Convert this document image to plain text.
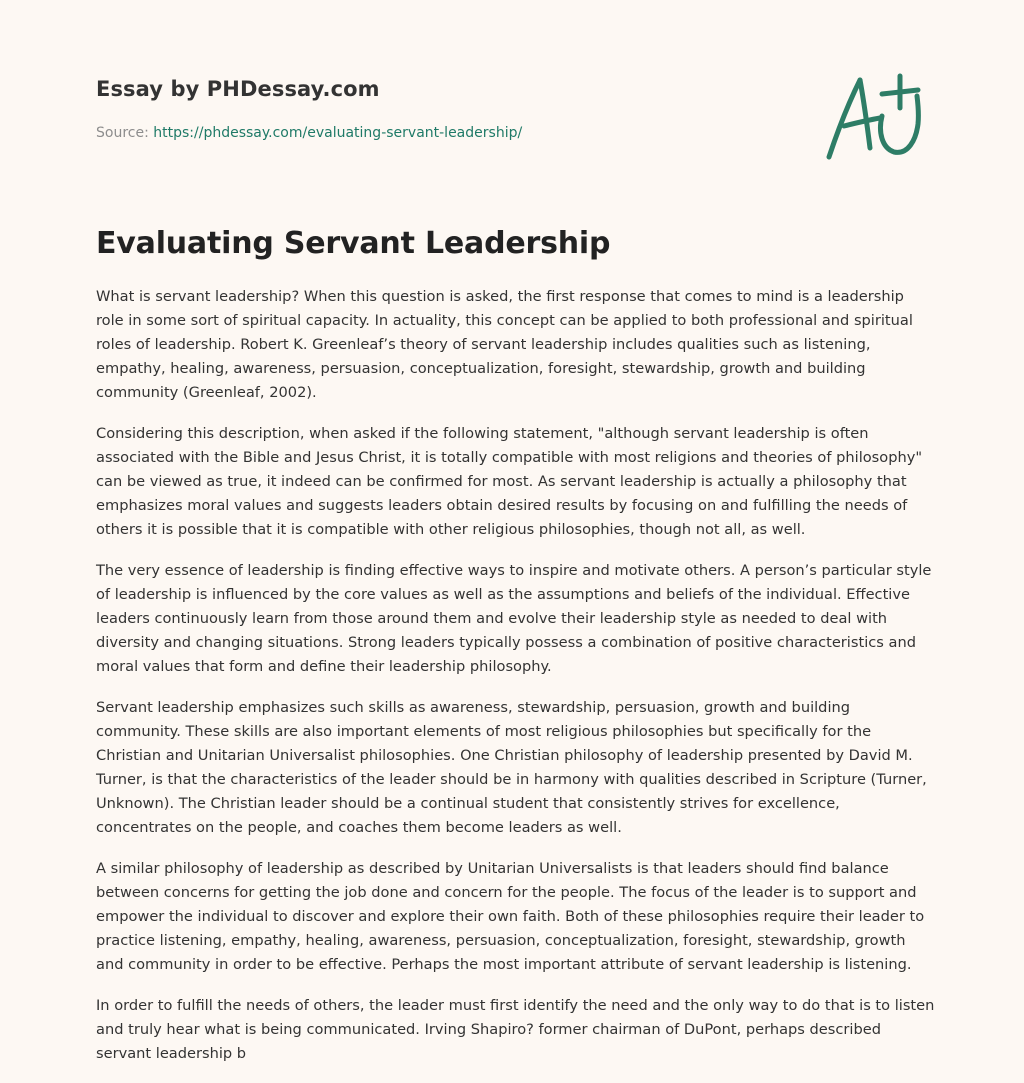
Essay by PHDessay.com

Source: https://phdessay.com/evaluating-servant-leadership/

Evaluating Servant Leadership

What is servant leadership? When this question is asked, the first response that comes to mind is a leadership role in some sort of spiritual capacity. In actuality, this concept can be applied to both professional and spiritual roles of leadership. Robert K. Greenleaf’s theory of servant leadership includes qualities such as listening, empathy, healing, awareness, persuasion, conceptualization, foresight, stewardship, growth and building community (Greenleaf, 2002).

Considering this description, when asked if the following statement, "although servant leadership is often associated with the Bible and Jesus Christ, it is totally compatible with most religions and theories of philosophy" can be viewed as true, it indeed can be confirmed for most. As servant leadership is actually a philosophy that emphasizes moral values and suggests leaders obtain desired results by focusing on and fulfilling the needs of others it is possible that it is compatible with other religious philosophies, though not all, as well.

The very essence of leadership is finding effective ways to inspire and motivate others. A person’s particular style of leadership is influenced by the core values as well as the assumptions and beliefs of the individual. Effective leaders continuously learn from those around them and evolve their leadership style as needed to deal with diversity and changing situations. Strong leaders typically possess a combination of positive characteristics and moral values that form and define their leadership philosophy.

Servant leadership emphasizes such skills as awareness, stewardship, persuasion, growth and building community. These skills are also important elements of most religious philosophies but specifically for the Christian and Unitarian Universalist philosophies. One Christian philosophy of leadership presented by David M. Turner, is that the characteristics of the leader should be in harmony with qualities described in Scripture (Turner, Unknown). The Christian leader should be a continual student that consistently strives for excellence, concentrates on the people, and coaches them become leaders as well.

A similar philosophy of leadership as described by Unitarian Universalists is that leaders should find balance between concerns for getting the job done and concern for the people. The focus of the leader is to support and empower the individual to discover and explore their own faith. Both of these philosophies require their leader to practice listening, empathy, healing, awareness, persuasion, conceptualization, foresight, stewardship, growth and community in order to be effective. Perhaps the most important attribute of servant leadership is listening.

In order to fulfill the needs of others, the leader must first identify the need and the only way to do that is to listen and truly hear what is being communicated. Irving Shapiro? former chairman of DuPont, perhaps described servant leadership b
